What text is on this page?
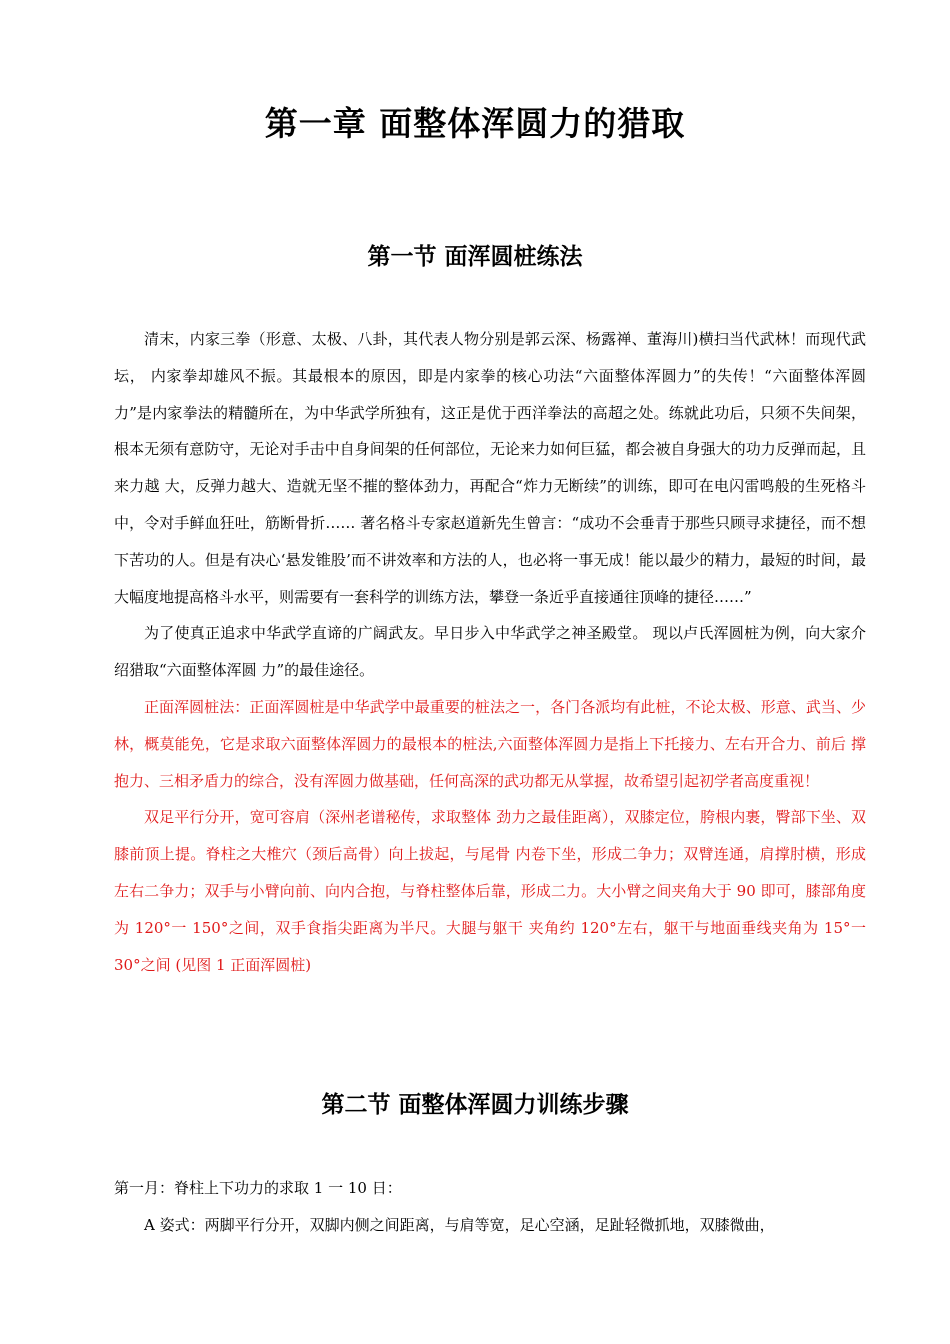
第一章 面整体浑圆力的猎取
第一节 面浑圆桩练法

清末，内家三拳（形意、太极、八卦，其代表人物分别是郭云深、杨露禅、董海川)横扫当代武林！而现代武坛， 内家拳却雄风不振。其最根本的原因，即是内家拳的核心功法“六面整体浑圆力”的失传！“六面整体浑圆力”是内家拳法的精髓所在，为中华武学所独有，这正是优于西洋拳法的高超之处。练就此功后，只须不失间架，根本无须有意防守，无论对手击中自身间架的任何部位，无论来力如何巨猛，都会被自身强大的功力反弹而起，且来力越 大，反弹力越大、造就无坚不摧的整体劲力，再配合“炸力无断续”的训练，即可在电闪雷鸣般的生死格斗中，令对手鲜血狂吐，筋断骨折…… 著名格斗专家赵道新先生曾言：“成功不会垂青于那些只顾寻求捷径，而不想下苦功的人。但是有决心‘悬发锥股’而不讲效率和方法的人，也必将一事无成！能以最少的精力，最短的时间，最大幅度地提高格斗水平，则需要有一套科学的训练方法，攀登一条近乎直接通往顶峰的捷径……”

为了使真正追求中华武学直谛的广阔武友。早日步入中华武学之神圣殿堂。 现以卢氏浑圆桩为例，向大家介绍猎取“六面整体浑圆 力”的最佳途径。

正面浑圆桩法：正面浑圆桩是中华武学中最重要的桩法之一，各门各派均有此桩，不论太极、形意、武当、少林，概莫能免，它是求取六面整体浑圆力的最根本的桩法,六面整体浑圆力是指上下托接力、左右开合力、前后 撑抱力、三相矛盾力的综合，没有浑圆力做基础，任何高深的武功都无从掌握，故希望引起初学者高度重视！

双足平行分开，宽可容肩（深州老谱秘传，求取整体 劲力之最佳距离），双膝定位，胯根内裹，臀部下坐、双膝前顶上提。脊柱之大椎穴（颈后高骨）向上拔起，与尾骨 内卷下坐，形成二争力；双臂连通，肩撑肘横，形成左右二争力；双手与小臂向前、向内合抱，与脊柱整体后靠，形成二力。大小臂之间夹角大于 90 即可，膝部角度为 120°一 150°之间，双手食指尖距离为半尺。大腿与躯干 夹角约 120°左右，躯干与地面垂线夹角为 15°一 30°之间 (见图 1 正面浑圆桩)

第二节 面整体浑圆力训练步骤

第一月：脊柱上下功力的求取 1 一 10 日：

A 姿式：两脚平行分开，双脚内侧之间距离，与肩等宽，足心空涵，足趾轻微抓地，双膝微曲，
